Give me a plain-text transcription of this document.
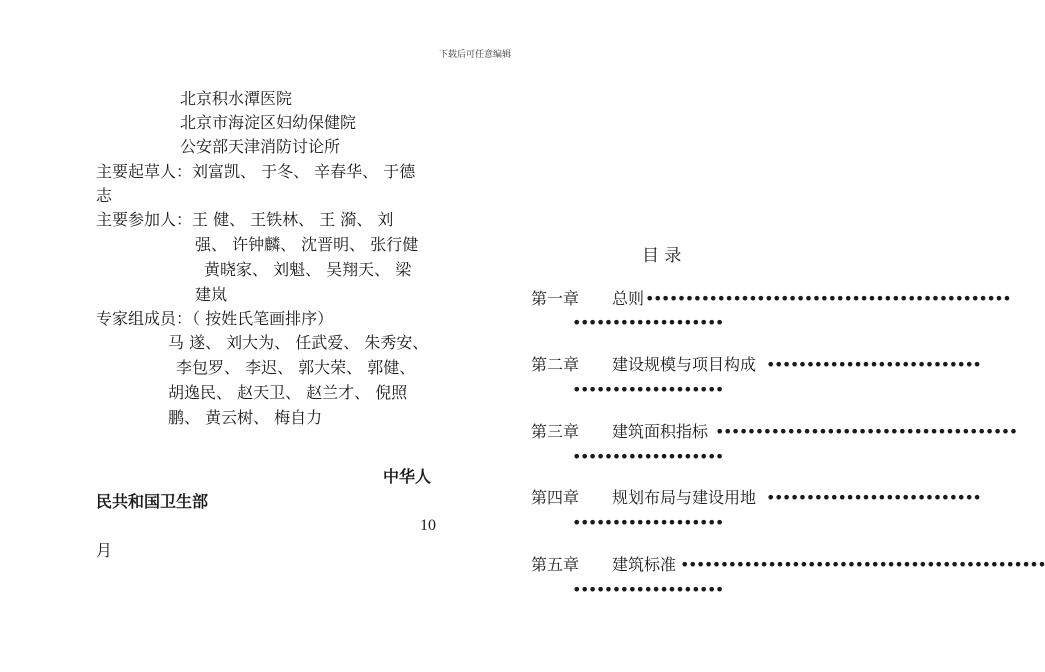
下载后可任意编辑
北京积水潭医院
北京市海淀区妇幼保健院
公安部天津消防讨论所
主要起草人：刘富凯、 于冬、 辛春华、 于德
志
主要参加人：王 健、 王铁林、 王 漪、 刘
强、 许钟麟、 沈晋明、 张行健
黄晓家、 刘魁、 吴翔天、 梁
建岚
专家组成员：（ 按姓氏笔画排序）
马 遂、 刘大为、 任武爱、 朱秀安、
李包罗、 李迟、 郭大荣、 郭健、
胡逸民、 赵天卫、 赵兰才、 倪照
鹏、 黄云树、 梅自力
中华人
民共和国卫生部
10
月
目 录
第一章 总则 ••••••••••••••••••••••••••••••••••••••••••••••
•••••••••••••••••••
第二章 建设规模与项目构成 •••••••••••••••••••••••••••
•••••••••••••••••••
第三章 建筑面积指标 ••••••••••••••••••••••••••••••••••••••
•••••••••••••••••••
第四章 规划布局与建设用地 •••••••••••••••••••••••••••
•••••••••••••••••••
第五章 建筑标准 ••••••••••••••••••••••••••••••••••••••••••••••
•••••••••••••••••••
